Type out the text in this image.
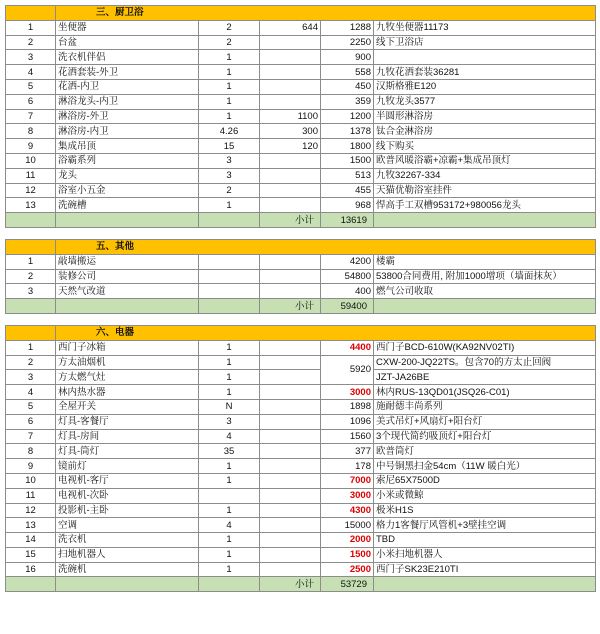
	三、厨卫浴				
1	坐便器	2	644	1288	九牧坐便器11173
2	台盆	2		2250	线下卫浴店
3	洗衣机伴侣	1		900	
4	花洒套装-外卫	1		558	九牧花洒套装36281
5	花洒-内卫	1		450	汉斯格雅E120
6	淋浴龙头-内卫	1		359	九牧龙头3577
7	淋浴房-外卫	1	1100	1200	半圆形淋浴房
8	淋浴房-内卫	4.26	300	1378	钛合金淋浴房
9	集成吊顶	15	120	1800	线下购买
10	浴霸系列	3		1500	欧普风暖浴霸+凉霸+集成吊顶灯
11	龙头	3		513	九牧32267-334
12	浴室小五金	2		455	天猫优勒浴室挂件
13	洗碗槽	1		968	悍高手工双槽953172+980056龙头
			小计	13619	

	五、其他				
1	敲墙搬运			4200	楼霸
2	装修公司			54800	53800合同费用, 附加1000增项（墙面抹灰）
3	天然气改道			400	燃气公司收取
			小计	59400	

	六、电器				
1	西门子冰箱	1		4400	西门子BCD-610W(KA92NV02TI)
2	方太油烟机	1		5920	CXW-200-JQ22TS。包含70的方太止回阀
3	方太燃气灶	1			JZT-JA26BE
4	林内热水器	1		3000	林内RUS-13QD01(JSQ26-C01)
5	全屋开关	N		1898	施耐德丰尚系列
6	灯具-客餐厅	3		1096	美式吊灯+风扇灯+阳台灯
7	灯具-房间	4		1560	3个现代简约吸顶灯+阳台灯
8	灯具-筒灯	35		377	欧普筒灯
9	镜前灯	1		178	中号铜黑扫金54cm（11W 暖白光）
10	电视机-客厅	1		7000	索尼65X7500D
11	电视机-次卧			3000	小米或微鲸
12	投影机-主卧	1		4300	极米H1S
13	空调	4		15000	格力1客餐厅风管机+3壁挂空调
14	洗衣机	1		2000	TBD
15	扫地机器人	1		1500	小米扫地机器人
16	洗碗机	1		2500	西门子SK23E210TI
			小计	53729	
